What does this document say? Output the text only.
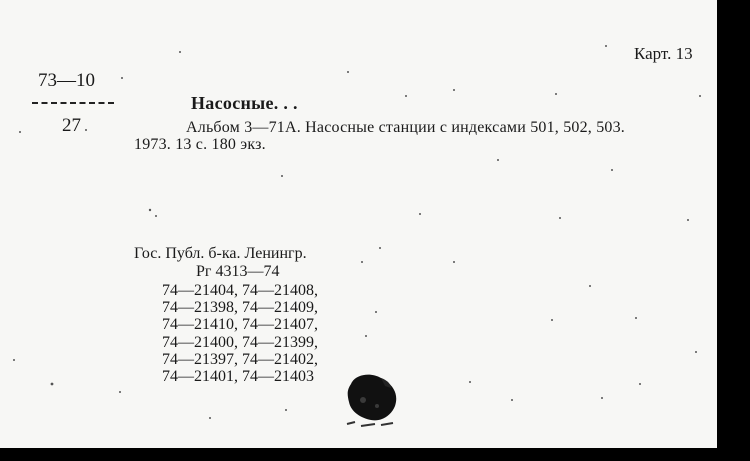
Карт. 13
73—10
27
Насосные. . .
Альбом 3—71А. Насосные станции с индексами 501, 502, 503.
1973. 13 с. 180 экз.
Гос. Публ. б-ка. Ленингр.
Рг 4313—74
74—21404, 74—21408,
74—21398, 74—21409,
74—21410, 74—21407,
74—21400, 74—21399,
74—21397, 74—21402,
74—21401, 74—21403
